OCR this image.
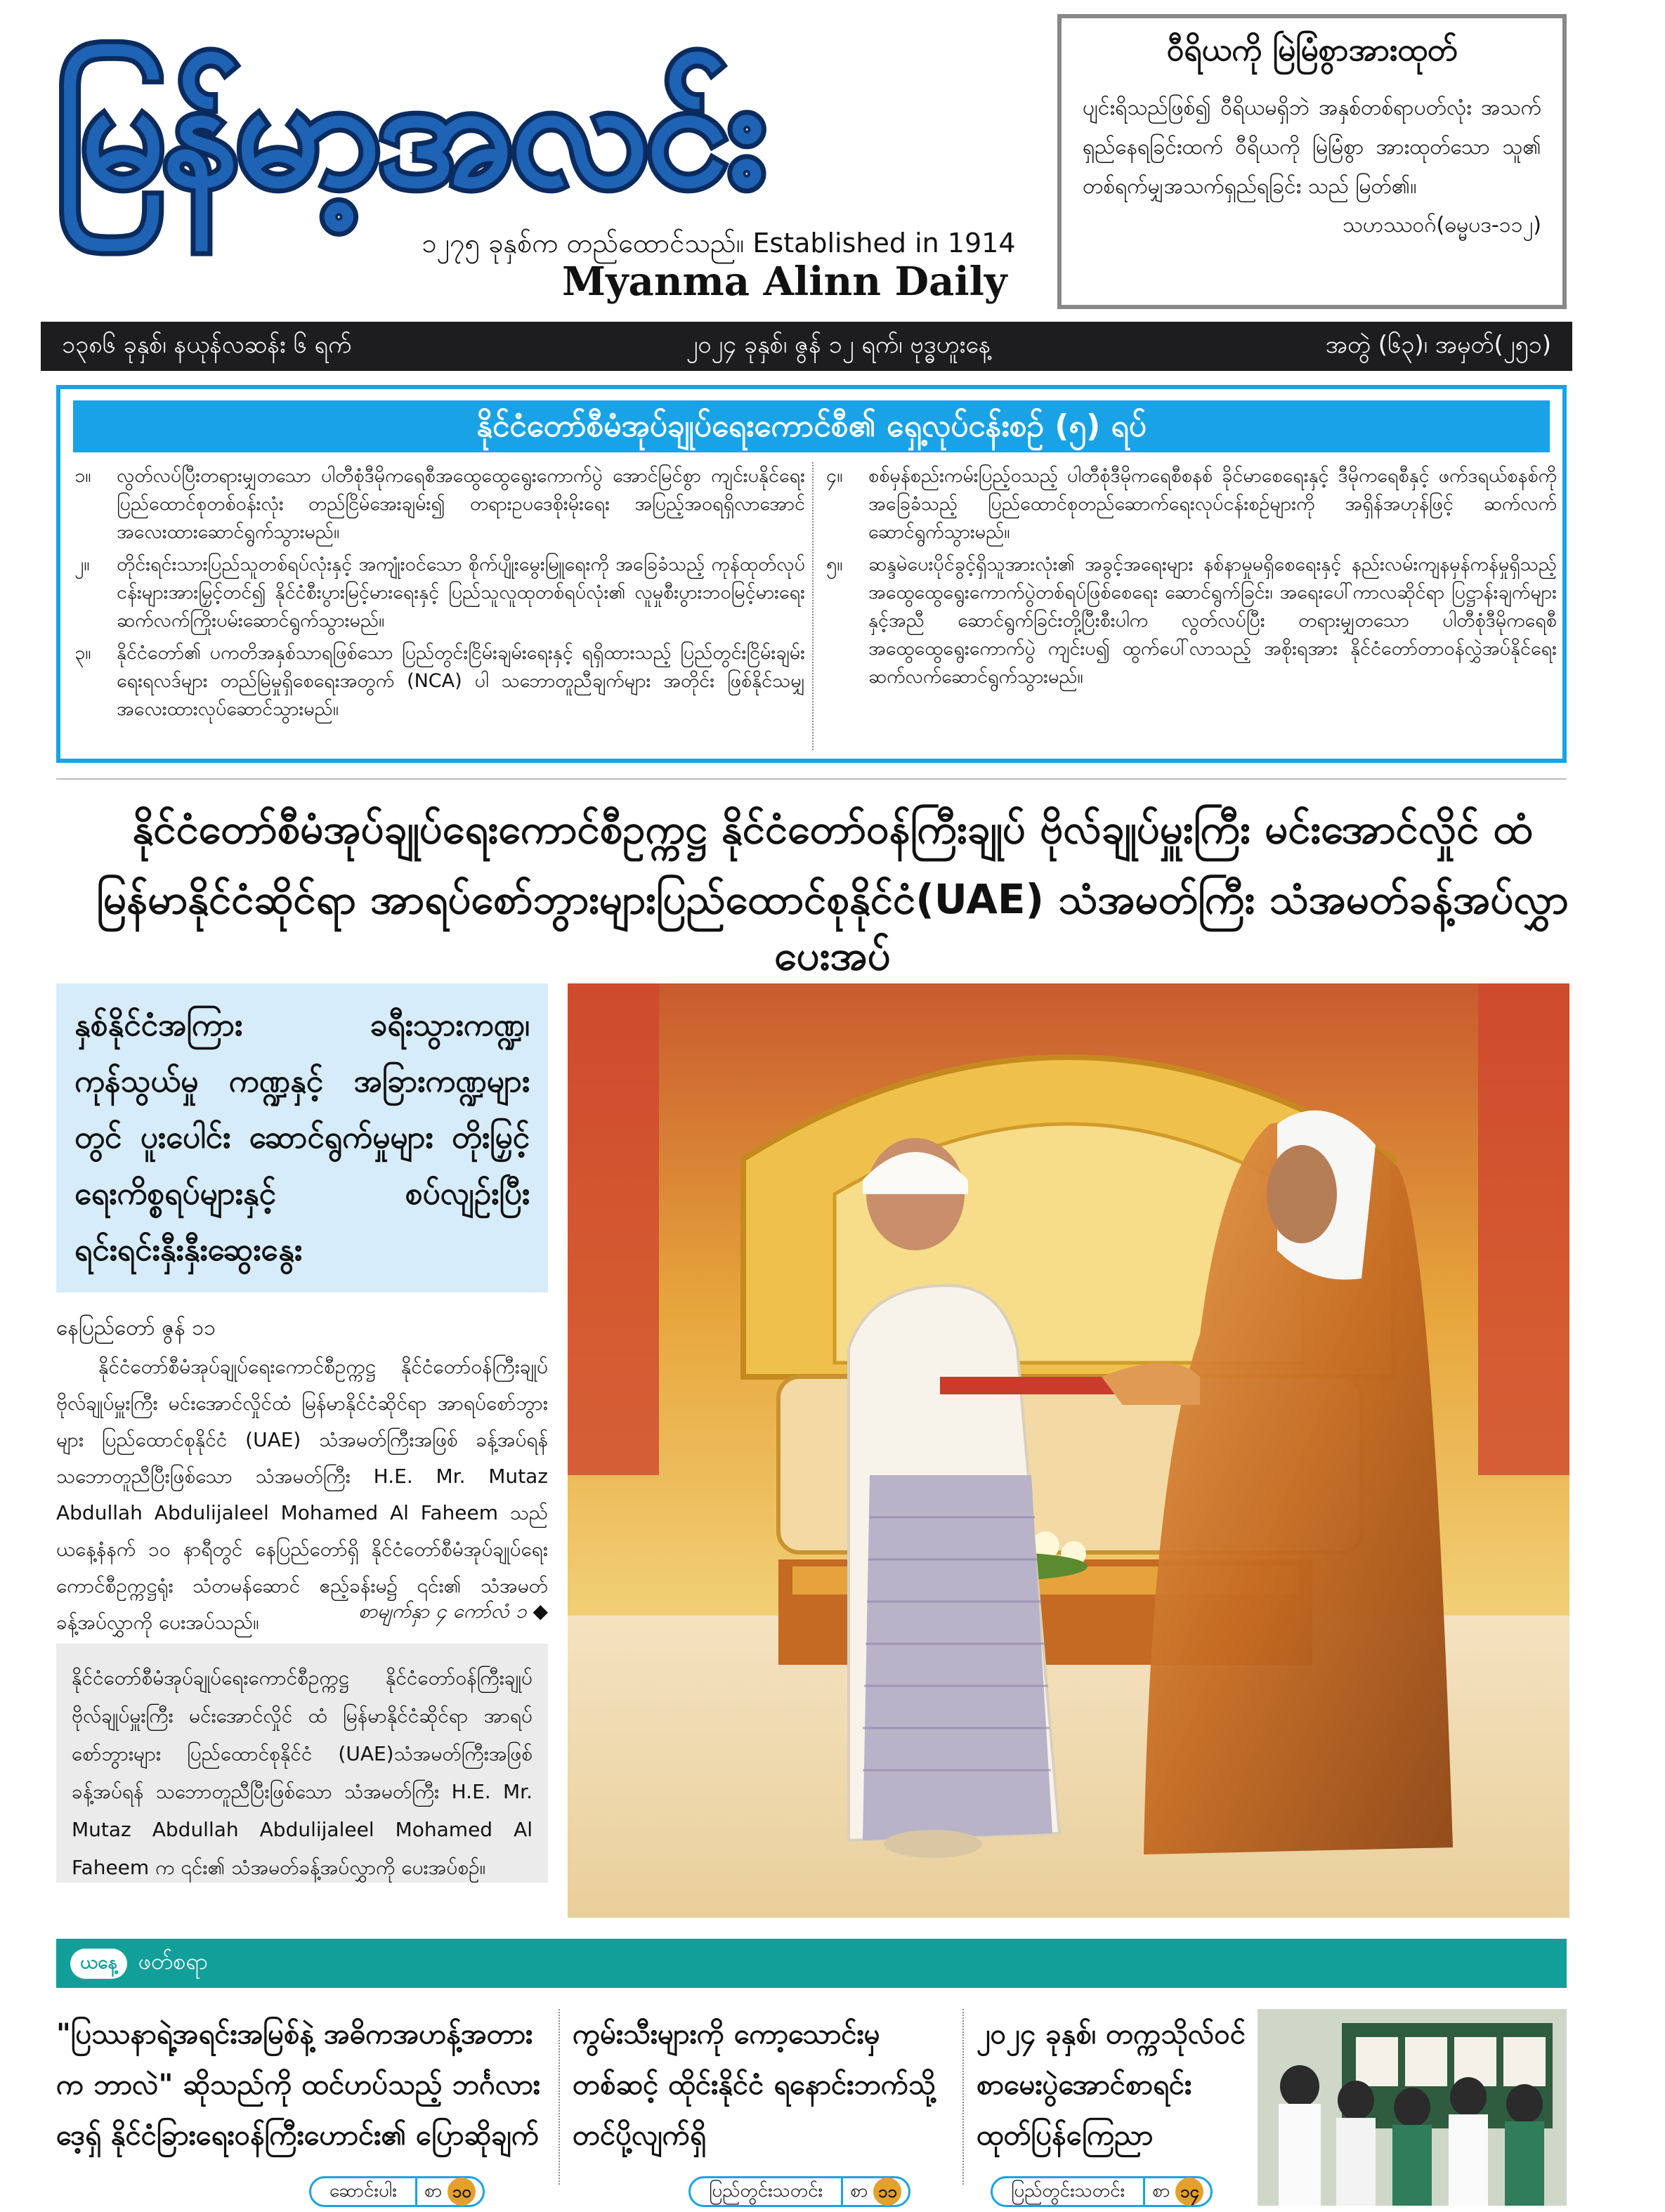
မြန်မာ့အလင်း
၁၂၇၅ ခုနှစ်က တည်ထောင်သည်။ Established in 1914
Myanma Alinn Daily
ဝီရိယကို မြဲမြံစွာအားထုတ်
ပျင်းရိသည်ဖြစ်၍ ဝီရိယမရှိဘဲ အနှစ်တစ်ရာပတ်လုံး အသက်ရှည်နေရခြင်းထက် ဝီရိယကို မြဲမြံစွာ အားထုတ်သော သူ၏ တစ်ရက်မျှအသက်ရှည်ရခြင်း သည် မြတ်၏။
သဟဿဝဂ်(ဓမ္မပဒ-၁၁၂)
၁၃၈၆ ခုနှစ်၊ နယုန်လဆန်း ၆ ရက်	၂၀၂၄ ခုနှစ်၊ ဇွန် ၁၂ ရက်၊ ဗုဒ္ဓဟူးနေ့	အတွဲ (၆၃)၊ အမှတ်(၂၅၁)
နိုင်ငံတော်စီမံအုပ်ချုပ်ရေးကောင်စီ၏ ရှေ့လုပ်ငန်းစဉ် (၅) ရပ်
၁။	လွတ်လပ်ပြီးတရားမျှတသော ပါတီစုံဒီမိုကရေစီအထွေထွေရွေးကောက်ပွဲ အောင်မြင်စွာ ကျင်းပနိုင်ရေး ပြည်ထောင်စုတစ်ဝန်းလုံး တည်ငြိမ်အေးချမ်း၍ တရားဥပဒေစိုးမိုးရေး အပြည့်အဝရရှိလာအောင် အလေးထားဆောင်ရွက်သွားမည်။
၂။	တိုင်းရင်းသားပြည်သူတစ်ရပ်လုံးနှင့် အကျုံးဝင်သော စိုက်ပျိုးမွေးမြူရေးကို အခြေခံသည့် ကုန်ထုတ်လုပ်ငန်းများအားမြှင့်တင်၍ နိုင်ငံစီးပွားမြင့်မားရေးနှင့် ပြည်သူလူထုတစ်ရပ်လုံး၏ လူမှုစီးပွားဘဝမြင့်မားရေး ဆက်လက်ကြိုးပမ်းဆောင်ရွက်သွားမည်။
၃။	နိုင်ငံတော်၏ ပကတိအနှစ်သာရဖြစ်သော ပြည်တွင်းငြိမ်းချမ်းရေးနှင့် ရရှိထားသည့် ပြည်တွင်းငြိမ်းချမ်းရေးရလဒ်များ တည်မြဲမှုရှိစေရေးအတွက် (NCA) ပါ သဘောတူညီချက်များ အတိုင်း ဖြစ်နိုင်သမျှ အလေးထားလုပ်ဆောင်သွားမည်။
၄။	စစ်မှန်စည်းကမ်းပြည့်ဝသည့် ပါတီစုံဒီမိုကရေစီစနစ် ခိုင်မာစေရေးနှင့် ဒီမိုကရေစီနှင့် ဖက်ဒရယ်စနစ်ကိုအခြေခံသည့် ပြည်ထောင်စုတည်ဆောက်ရေးလုပ်ငန်းစဉ်များကို အရှိန်အဟုန်ဖြင့် ဆက်လက်ဆောင်ရွက်သွားမည်။
၅။	ဆန္ဒမဲပေးပိုင်ခွင့်ရှိသူအားလုံး၏ အခွင့်အရေးများ နစ်နာမှုမရှိစေရေးနှင့် နည်းလမ်းကျနမှန်ကန်မှုရှိသည့် အထွေထွေရွေးကောက်ပွဲတစ်ရပ်ဖြစ်စေရေး ဆောင်ရွက်ခြင်း၊ အရေးပေါ်ကာလဆိုင်ရာ ပြဋ္ဌာန်းချက်များနှင့်အညီ ဆောင်ရွက်ခြင်းတို့ပြီးစီးပါက လွတ်လပ်ပြီး တရားမျှတသော ပါတီစုံဒီမိုကရေစီအထွေထွေရွေးကောက်ပွဲ ကျင်းပ၍ ထွက်ပေါ်လာသည့် အစိုးရအား နိုင်ငံတော်တာဝန်လွှဲအပ်နိုင်ရေး ဆက်လက်ဆောင်ရွက်သွားမည်။
နိုင်ငံတော်စီမံအုပ်ချုပ်ရေးကောင်စီဥက္ကဋ္ဌ နိုင်ငံတော်ဝန်ကြီးချုပ် ဗိုလ်ချုပ်မှူးကြီး မင်းအောင်လှိုင် ထံ
မြန်မာနိုင်ငံဆိုင်ရာ အာရပ်စော်ဘွားများပြည်ထောင်စုနိုင်ငံ(UAE) သံအမတ်ကြီး သံအမတ်ခန့်အပ်လွှာပေးအပ်
နှစ်နိုင်ငံအကြား ခရီးသွားကဏ္ဍ၊ ကုန်သွယ်မှု ကဏ္ဍနှင့် အခြားကဏ္ဍများတွင် ပူးပေါင်း ဆောင်ရွက်မှုများ တိုးမြှင့်ရေးကိစ္စရပ်များနှင့် စပ်လျဉ်းပြီး ရင်းရင်းနှီးနှီးဆွေးနွေး
နေပြည်တော် ဇွန် ၁၁
နိုင်ငံတော်စီမံအုပ်ချုပ်ရေးကောင်စီဥက္ကဋ္ဌ နိုင်ငံတော်ဝန်ကြီးချုပ် ဗိုလ်ချုပ်မှူးကြီး မင်းအောင်လှိုင်ထံ မြန်မာနိုင်ငံဆိုင်ရာ အာရပ်စော်ဘွားများ ပြည်ထောင်စုနိုင်ငံ (UAE) သံအမတ်ကြီးအဖြစ် ခန့်အပ်ရန် သဘောတူညီပြီးဖြစ်သော သံအမတ်ကြီး H.E. Mr. Mutaz Abdullah Abdulijaleel Mohamed Al Faheem သည် ယနေ့နံနက် ၁၀ နာရီတွင် နေပြည်တော်ရှိ နိုင်ငံတော်စီမံအုပ်ချုပ်ရေးကောင်စီဥက္ကဋ္ဌရုံး သံတမန်ဆောင် ဧည့်ခန်းမ၌ ၎င်း၏ သံအမတ်ခန့်အပ်လွှာကို ပေးအပ်သည်။	စာမျက်နှာ ၄ ကော်လံ ၁ ◆
နိုင်ငံတော်စီမံအုပ်ချုပ်ရေးကောင်စီဥက္ကဋ္ဌ နိုင်ငံတော်ဝန်ကြီးချုပ် ဗိုလ်ချုပ်မှူးကြီး မင်းအောင်လှိုင် ထံ မြန်မာနိုင်ငံဆိုင်ရာ အာရပ်စော်ဘွားများ ပြည်ထောင်စုနိုင်ငံ (UAE)သံအမတ်ကြီးအဖြစ် ခန့်အပ်ရန် သဘောတူညီပြီးဖြစ်သော သံအမတ်ကြီး H.E. Mr. Mutaz Abdullah Abdulijaleel Mohamed Al Faheem က ၎င်း၏ သံအမတ်ခန့်အပ်လွှာကို ပေးအပ်စဉ်။
ယနေ့ ဖတ်စရာ
"ပြဿနာရဲ့အရင်းအမြစ်နဲ့ အဓိကအဟန့်အတားက ဘာလဲ" ဆိုသည်ကို ထင်ဟပ်သည့် ဘင်္ဂလားဒေ့ရှ် နိုင်ငံခြားရေးဝန်ကြီးဟောင်း၏ ပြောဆိုချက်
ကွမ်းသီးများကို ကော့သောင်းမှတစ်ဆင့် ထိုင်းနိုင်ငံ ရနောင်းဘက်သို့ တင်ပို့လျက်ရှိ
၂၀၂၄ ခုနှစ်၊ တက္ကသိုလ်ဝင် စာမေးပွဲအောင်စာရင်း ထုတ်ပြန်ကြေညာ
ဆောင်းပါး	စာ ၁၀	ပြည်တွင်းသတင်း	စာ ၁၁	ပြည်တွင်းသတင်း	စာ ၁၄
